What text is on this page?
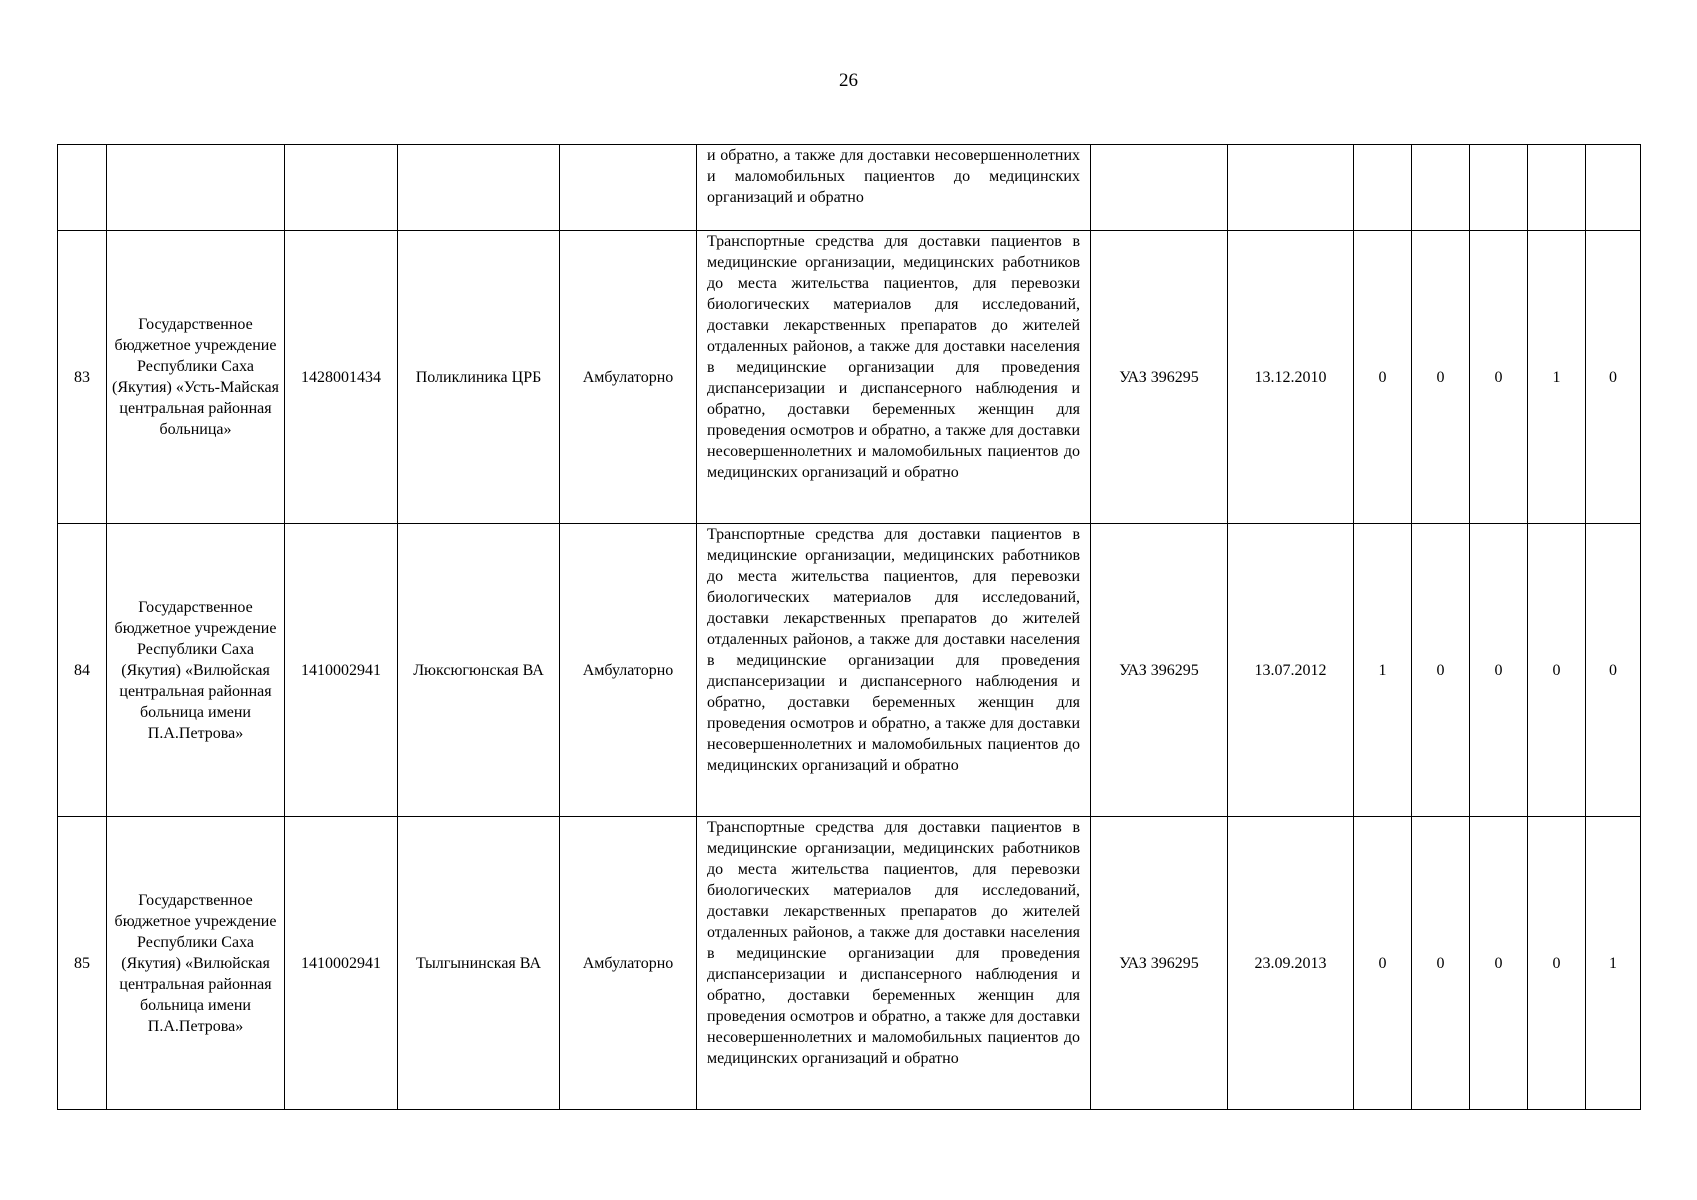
26
					и обратно, а также для доставки несовершеннолетних и маломобильных пациентов до медицинских организаций и обратно							
83	Государственное бюджетное учреждение Республики Саха (Якутия) «Усть-Майская центральная районная больница»	1428001434	Поликлиника ЦРБ	Амбулаторно	Транспортные средства для доставки пациентов в медицинские организации, медицинских работников до места жительства пациентов, для перевозки биологических материалов для исследований, доставки лекарственных препаратов до жителей отдаленных районов, а также для доставки населения в медицинские организации для проведения диспансеризации и диспансерного наблюдения и обратно, доставки беременных женщин для проведения осмотров и обратно, а также для доставки несовершеннолетних и маломобильных пациентов до медицинских организаций и обратно	УАЗ 396295	13.12.2010	0	0	0	1	0
84	Государственное бюджетное учреждение Республики Саха (Якутия) «Вилюйская центральная районная больница имени П.А.Петрова»	1410002941	Люксюгюнская ВА	Амбулаторно	Транспортные средства для доставки пациентов в медицинские организации, медицинских работников до места жительства пациентов, для перевозки биологических материалов для исследований, доставки лекарственных препаратов до жителей отдаленных районов, а также для доставки населения в медицинские организации для проведения диспансеризации и диспансерного наблюдения и обратно, доставки беременных женщин для проведения осмотров и обратно, а также для доставки несовершеннолетних и маломобильных пациентов до медицинских организаций и обратно	УАЗ 396295	13.07.2012	1	0	0	0	0
85	Государственное бюджетное учреждение Республики Саха (Якутия) «Вилюйская центральная районная больница имени П.А.Петрова»	1410002941	Тылгынинская ВА	Амбулаторно	Транспортные средства для доставки пациентов в медицинские организации, медицинских работников до места жительства пациентов, для перевозки биологических материалов для исследований, доставки лекарственных препаратов до жителей отдаленных районов, а также для доставки населения в медицинские организации для проведения диспансеризации и диспансерного наблюдения и обратно, доставки беременных женщин для проведения осмотров и обратно, а также для доставки несовершеннолетних и маломобильных пациентов до медицинских организаций и обратно	УАЗ 396295	23.09.2013	0	0	0	0	1
